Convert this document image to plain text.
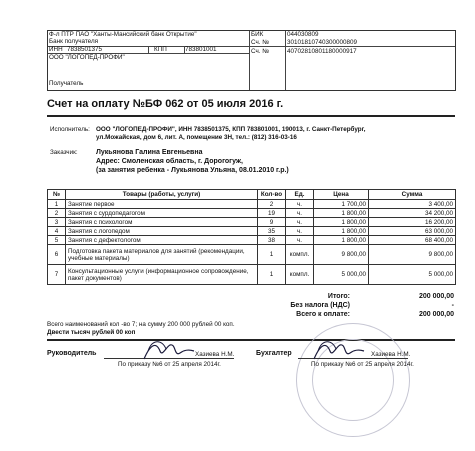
Ф-л ПТР ПАО "Ханты-Мансийский банк Открытие"
Банк получателя
БИК	044030809
Сч. №	30101810740300000809
ИНН 7838501375	КПП	783801001	Сч. №	40702810801180000917
ООО "ЛОГОПЕД-ПРОФИ"
Получатель
Счет на оплату №БФ 062 от 05 июля 2016 г.
Исполнитель: ООО "ЛОГОПЕД-ПРОФИ", ИНН 7838501375, КПП 783801001, 190013, г. Санкт-Петербург,
ул.Можайская, дом 6, лит. А, помещение 3Н, тел.: (812) 316-03-16
Заказчик:	Лукьянова Галина Евгеньевна
Адрес: Смоленская область, г. Дорогогуж,
(за занятия ребенка - Лукьянова Ульяна, 08.01.2010 г.р.)
№	Товары (работы, услуги)	Кол-во	Ед.	Цена	Сумма
1	Занятие первое	2	ч.	1 700,00	3 400,00
2	Занятия с сурдопедагогом	19	ч.	1 800,00	34 200,00
3	Занятия с психологом	9	ч.	1 800,00	16 200,00
4	Занятия с логопедом	35	ч.	1 800,00	63 000,00
5	Занятия с дефектологом	38	ч.	1 800,00	68 400,00
6	Подготовка пакета материалов для занятий (рекомендации, учебные материалы)	1	компл.	9 800,00	9 800,00
7	Консультационные услуги (информационное сопровождение, пакет документов)	1	компл.	5 000,00	5 000,00
Итого:	200 000,00
Без налога (НДС)	-
Всего к оплате:	200 000,00
Всего наименований кол -во 7; на сумму 200 000 рублей 00 коп.
Двести тысяч рублей 00 коп
Руководитель	Хазиева Н.М.
По приказу №6 от 25 апреля 2014г.
Бухгалтер	Хазиева Н.М.
По приказу №6 от 25 апреля 2014г.
